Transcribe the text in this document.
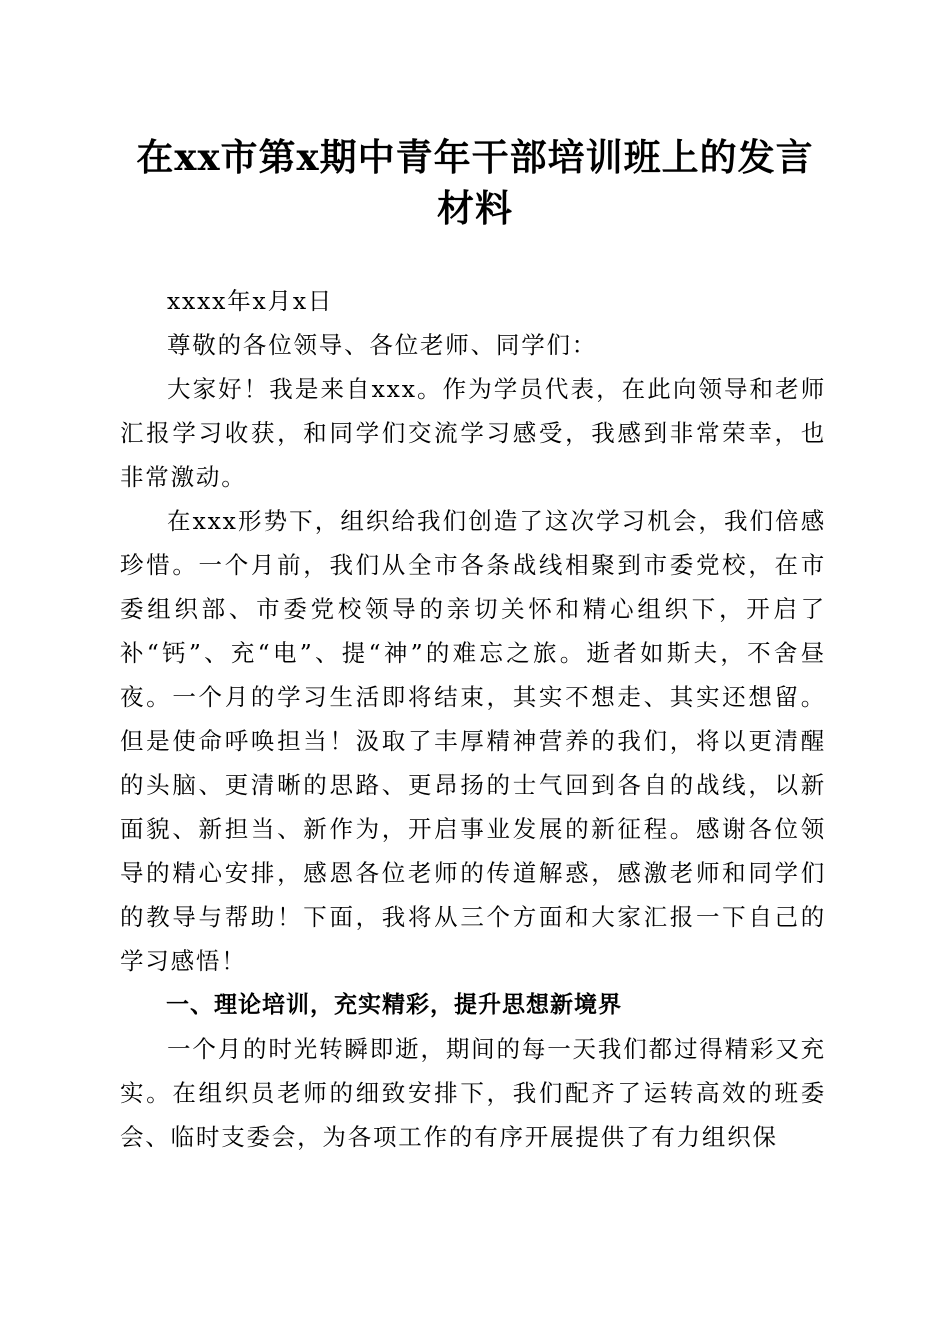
在xx市第x期中青年干部培训班上的发言材料

xxxx年x月x日

尊敬的各位领导、各位老师、同学们：

大家好！我是来自xxx。作为学员代表，在此向领导和老师汇报学习收获，和同学们交流学习感受，我感到非常荣幸，也非常激动。

在xxx形势下，组织给我们创造了这次学习机会，我们倍感珍惜。一个月前，我们从全市各条战线相聚到市委党校，在市委组织部、市委党校领导的亲切关怀和精心组织下，开启了补“钙”、充“电”、提“神”的难忘之旅。逝者如斯夫，不舍昼夜。一个月的学习生活即将结束，其实不想走、其实还想留。但是使命呼唤担当！汲取了丰厚精神营养的我们，将以更清醒的头脑、更清晰的思路、更昂扬的士气回到各自的战线，以新面貌、新担当、新作为，开启事业发展的新征程。感谢各位领导的精心安排，感恩各位老师的传道解惑，感激老师和同学们的教导与帮助！下面，我将从三个方面和大家汇报一下自己的学习感悟！

一、理论培训，充实精彩，提升思想新境界

一个月的时光转瞬即逝，期间的每一天我们都过得精彩又充实。在组织员老师的细致安排下，我们配齐了运转高效的班委会、临时支委会，为各项工作的有序开展提供了有力组织保
